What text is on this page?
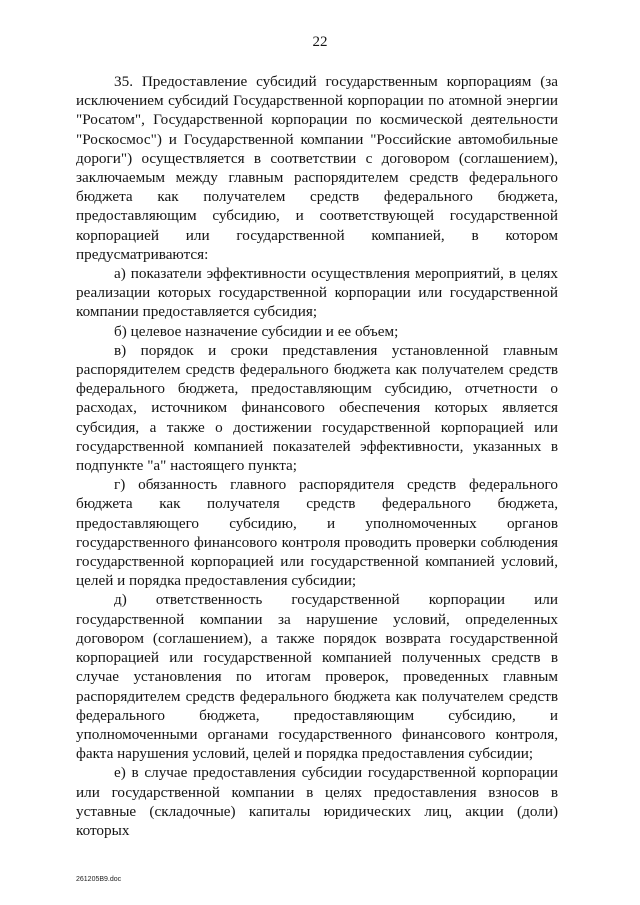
22

35. Предоставление субсидий государственным корпорациям (за исключением субсидий Государственной корпорации по атомной энергии "Росатом", Государственной корпорации по космической деятельности "Роскосмос") и Государственной компании "Российские автомобильные дороги") осуществляется в соответствии с договором (соглашением), заключаемым между главным распорядителем средств федерального бюджета как получателем средств федерального бюджета, предоставляющим субсидию, и соответствующей государственной корпорацией или государственной компанией, в котором предусматриваются:

а) показатели эффективности осуществления мероприятий, в целях реализации которых государственной корпорации или государственной компании предоставляется субсидия;

б) целевое назначение субсидии и ее объем;

в) порядок и сроки представления установленной главным распорядителем средств федерального бюджета как получателем средств федерального бюджета, предоставляющим субсидию, отчетности о расходах, источником финансового обеспечения которых является субсидия, а также о достижении государственной корпорацией или государственной компанией показателей эффективности, указанных в подпункте "а" настоящего пункта;

г) обязанность главного распорядителя средств федерального бюджета как получателя средств федерального бюджета, предоставляющего субсидию, и уполномоченных органов государственного финансового контроля проводить проверки соблюдения государственной корпорацией или государственной компанией условий, целей и порядка предоставления субсидии;

д) ответственность государственной корпорации или государственной компании за нарушение условий, определенных договором (соглашением), а также порядок возврата государственной корпорацией или государственной компанией полученных средств в случае установления по итогам проверок, проведенных главным распорядителем средств федерального бюджета как получателем средств федерального бюджета, предоставляющим субсидию, и уполномоченными органами государственного финансового контроля, факта нарушения условий, целей и порядка предоставления субсидии;

е) в случае предоставления субсидии государственной корпорации или государственной компании в целях предоставления взносов в уставные (складочные) капиталы юридических лиц, акции (доли) которых

261205В9.doc
